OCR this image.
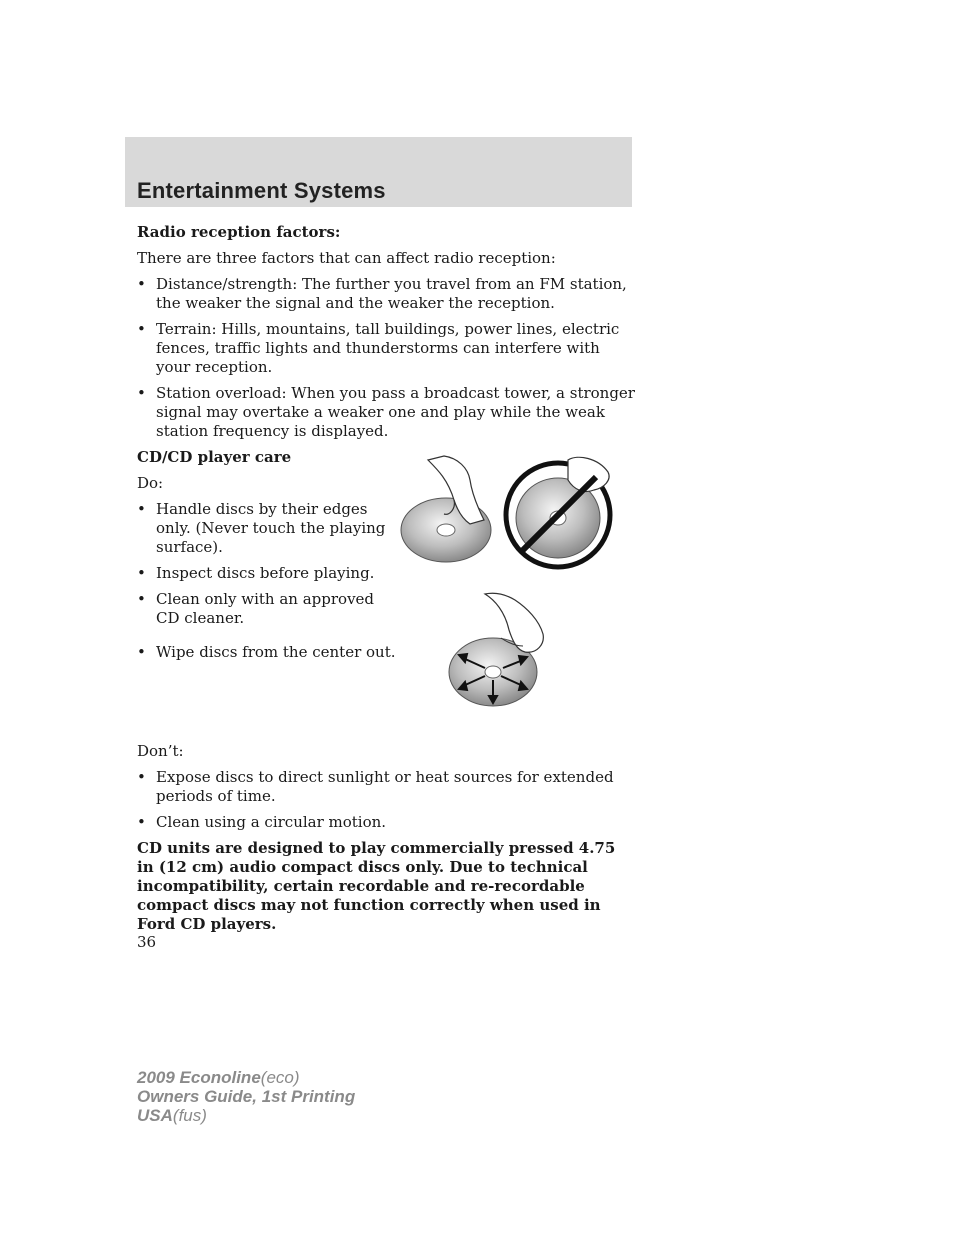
Entertainment Systems

Radio reception factors:

There are three factors that can affect radio reception:

• Distance/strength: The further you travel from an FM station, the weaker the signal and the weaker the reception.
• Terrain: Hills, mountains, tall buildings, power lines, electric fences, traffic lights and thunderstorms can interfere with your reception.
• Station overload: When you pass a broadcast tower, a stronger signal may overtake a weaker one and play while the weak station frequency is displayed.

CD/CD player care

Do:

• Handle discs by their edges only. (Never touch the playing surface).
• Inspect discs before playing.
• Clean only with an approved CD cleaner.
• Wipe discs from the center out.

Don’t:

• Expose discs to direct sunlight or heat sources for extended periods of time.
• Clean using a circular motion.

CD units are designed to play commercially pressed 4.75 in (12 cm) audio compact discs only. Due to technical incompatibility, certain recordable and re-recordable compact discs may not function correctly when used in Ford CD players.

36
2009 Econoline(eco)
Owners Guide, 1st Printing
USA(fus)
